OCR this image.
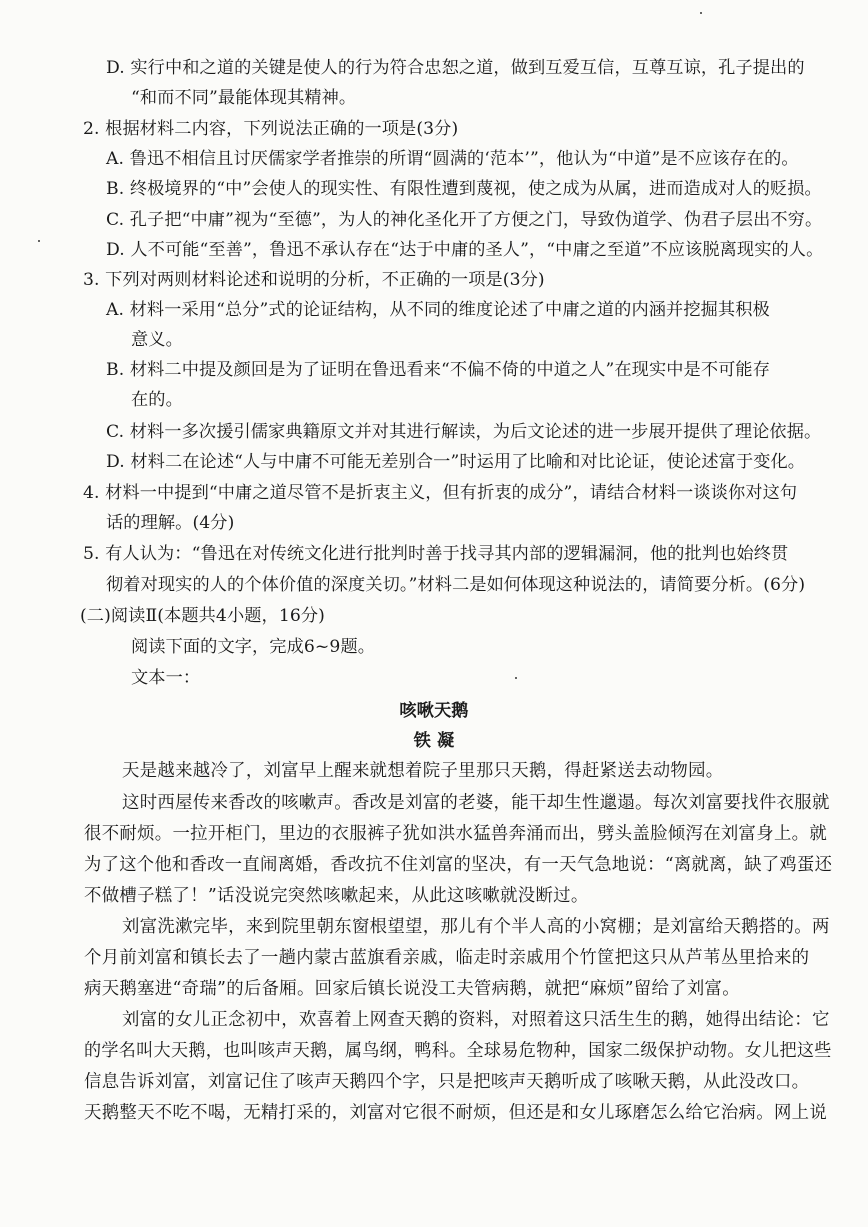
D. 实行中和之道的关键是使人的行为符合忠恕之道，做到互爱互信，互尊互谅，孔子提出的
“和而不同”最能体现其精神。
2. 根据材料二内容，下列说法正确的一项是(3分)
A. 鲁迅不相信且讨厌儒家学者推崇的所谓“圆满的‘范本’”，他认为“中道”是不应该存在的。
B. 终极境界的“中”会使人的现实性、有限性遭到蔑视，使之成为从属，进而造成对人的贬损。
C. 孔子把“中庸”视为“至德”，为人的神化圣化开了方便之门，导致伪道学、伪君子层出不穷。
D. 人不可能“至善”，鲁迅不承认存在“达于中庸的圣人”，“中庸之至道”不应该脱离现实的人。
3. 下列对两则材料论述和说明的分析，不正确的一项是(3分)
A. 材料一采用“总分”式的论证结构，从不同的维度论述了中庸之道的内涵并挖掘其积极
意义。
B. 材料二中提及颜回是为了证明在鲁迅看来“不偏不倚的中道之人”在现实中是不可能存
在的。
C. 材料一多次援引儒家典籍原文并对其进行解读，为后文论述的进一步展开提供了理论依据。
D. 材料二在论述“人与中庸不可能无差别合一”时运用了比喻和对比论证，使论述富于变化。
4. 材料一中提到“中庸之道尽管不是折衷主义，但有折衷的成分”，请结合材料一谈谈你对这句
话的理解。(4分)
5. 有人认为：“鲁迅在对传统文化进行批判时善于找寻其内部的逻辑漏洞，他的批判也始终贯
彻着对现实的人的个体价值的深度关切。”材料二是如何体现这种说法的，请简要分析。(6分)
(二)阅读Ⅱ(本题共4小题，16分)
阅读下面的文字，完成6~9题。
文本一：
咳啾天鹅
铁 凝
天是越来越冷了，刘富早上醒来就想着院子里那只天鹅，得赶紧送去动物园。
这时西屋传来香改的咳嗽声。香改是刘富的老婆，能干却生性邋遢。每次刘富要找件衣服就
很不耐烦。一拉开柜门，里边的衣服裤子犹如洪水猛兽奔涌而出，劈头盖脸倾泻在刘富身上。就
为了这个他和香改一直闹离婚，香改抗不住刘富的坚决，有一天气急地说：“离就离，缺了鸡蛋还
不做槽子糕了！”话没说完突然咳嗽起来，从此这咳嗽就没断过。
刘富洗漱完毕，来到院里朝东窗根望望，那儿有个半人高的小窝棚；是刘富给天鹅搭的。两
个月前刘富和镇长去了一趟内蒙古蓝旗看亲戚，临走时亲戚用个竹筐把这只从芦苇丛里拾来的
病天鹅塞进“奇瑞”的后备厢。回家后镇长说没工夫管病鹅，就把“麻烦”留给了刘富。
刘富的女儿正念初中，欢喜着上网查天鹅的资料，对照着这只活生生的鹅，她得出结论：它
的学名叫大天鹅，也叫咳声天鹅，属鸟纲，鸭科。全球易危物种，国家二级保护动物。女儿把这些
信息告诉刘富，刘富记住了咳声天鹅四个字，只是把咳声天鹅听成了咳啾天鹅，从此没改口。
天鹅整天不吃不喝，无精打采的，刘富对它很不耐烦，但还是和女儿琢磨怎么给它治病。网上说
